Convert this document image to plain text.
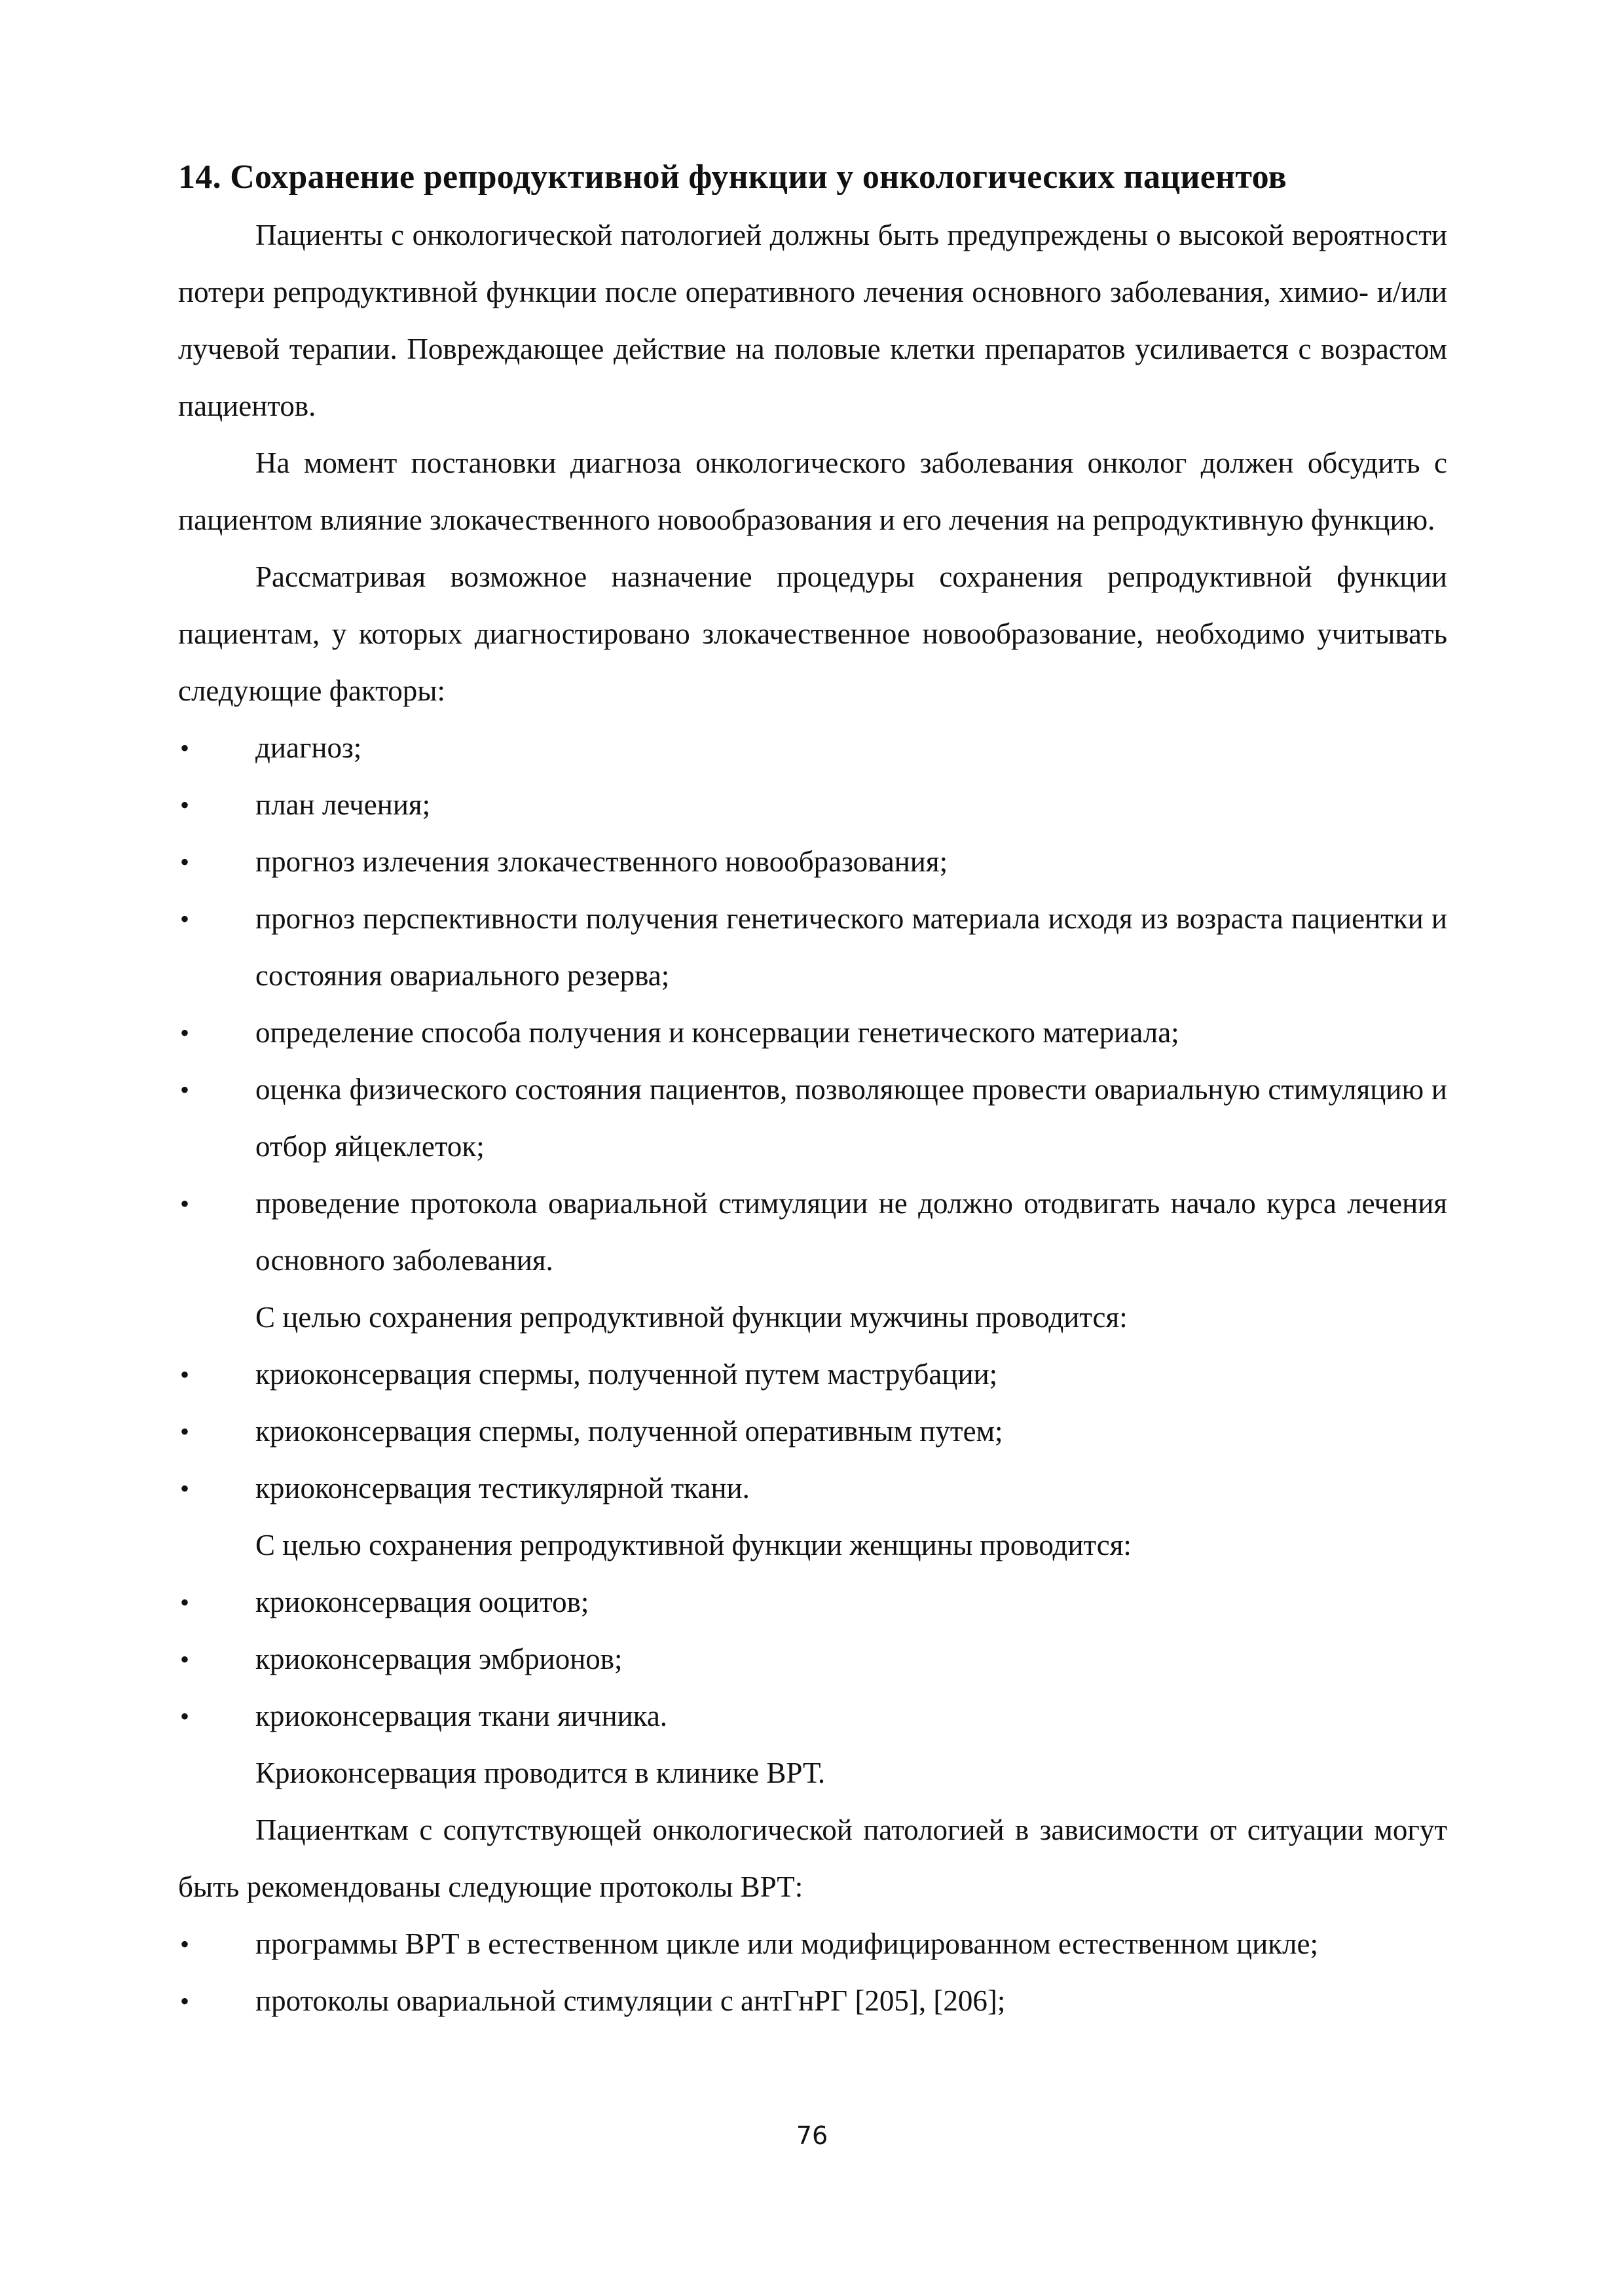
14. Сохранение репродуктивной функции у онкологических пациентов

Пациенты с онкологической патологией должны быть предупреждены о высокой вероятности потери репродуктивной функции после оперативного лечения основного заболевания, химио- и/или лучевой терапии. Повреждающее действие на половые клетки препаратов усиливается с возрастом пациентов.

На момент постановки диагноза онкологического заболевания онколог должен обсудить с пациентом влияние злокачественного новообразования и его лечения на репродуктивную функцию.

Рассматривая возможное назначение процедуры сохранения репродуктивной функции пациентам, у которых диагностировано злокачественное новообразование, необходимо учитывать следующие факторы:

• диагноз;
• план лечения;
• прогноз излечения злокачественного новообразования;
• прогноз перспективности получения генетического материала исходя из возраста пациентки и состояния овариального резерва;
• определение способа получения и консервации генетического материала;
• оценка физического состояния пациентов, позволяющее провести овариальную стимуляцию и отбор яйцеклеток;
• проведение протокола овариальной стимуляции не должно отодвигать начало курса лечения основного заболевания.

С целью сохранения репродуктивной функции мужчины проводится:

• криоконсервация спермы, полученной путем маструбации;
• криоконсервация спермы, полученной оперативным путем;
• криоконсервация тестикулярной ткани.

С целью сохранения репродуктивной функции женщины проводится:

• криоконсервация ооцитов;
• криоконсервация эмбрионов;
• криоконсервация ткани яичника.

Криоконсервация проводится в клинике ВРТ.

Пациенткам с сопутствующей онкологической патологией в зависимости от ситуации могут быть рекомендованы следующие протоколы ВРТ:

• программы ВРТ в естественном цикле или модифицированном естественном цикле;
• протоколы овариальной стимуляции с антГнРГ [205], [206];
76
